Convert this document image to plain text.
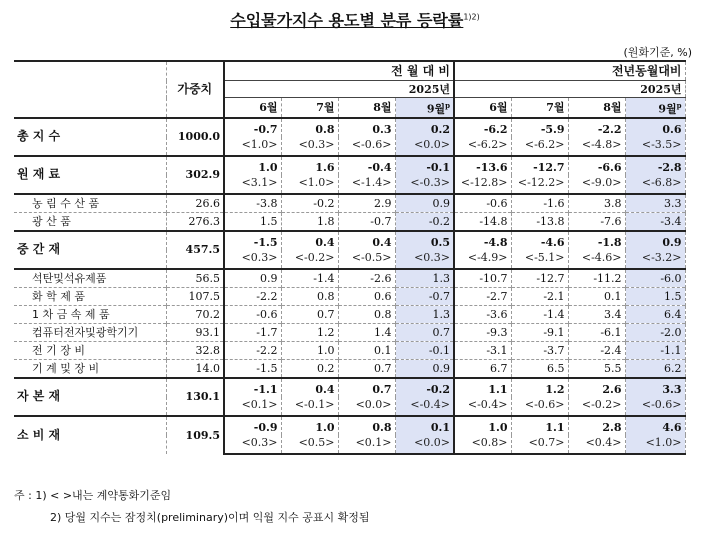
수입물가지수 용도별 분류 등락률$^{1)2)}$
(원화기준, %)
	가중치	전 월 대 비				전년동월대비			
		2025년				2025년			
		6월	7월	8월	9월$^p$	6월	7월	8월	9월$^p$
총 지 수	1000.0	-0.7	0.8	0.3	0.2	-6.2	-5.9	-2.2	0.6
		<1.0>	<0.3>	<-0.6>	<0.0>	<-6.2>	<-6.2>	<-4.8>	<-3.5>
원 재 료	302.9	1.0	1.6	-0.4	-0.1	-13.6	-12.7	-6.6	-2.8
		<3.1>	<1.0>	<-1.4>	<-0.3>	<-12.8>	<-12.2>	<-9.0>	<-6.8>
농 림 수 산 품	26.6	-3.8	-0.2	2.9	0.9	-0.6	-1.6	3.8	3.3
광 산 품	276.3	1.5	1.8	-0.7	-0.2	-14.8	-13.8	-7.6	-3.4
중 간 재	457.5	-1.5	0.4	0.4	0.5	-4.8	-4.6	-1.8	0.9
		<0.3>	<-0.2>	<-0.5>	<0.3>	<-4.9>	<-5.1>	<-4.6>	<-3.2>
석탄및석유제품	56.5	0.9	-1.4	-2.6	1.3	-10.7	-12.7	-11.2	-6.0
화 학 제 품	107.5	-2.2	0.8	0.6	-0.7	-2.7	-2.1	0.1	1.5
1 차 금 속 제 품	70.2	-0.6	0.7	0.8	1.3	-3.6	-1.4	3.4	6.4
컴퓨터전자및광학기기	93.1	-1.7	1.2	1.4	0.7	-9.3	-9.1	-6.1	-2.0
전 기 장 비	32.8	-2.2	1.0	0.1	-0.1	-3.1	-3.7	-2.4	-1.1
기 계 및 장 비	14.0	-1.5	0.2	0.7	0.9	6.7	6.5	5.5	6.2
자 본 재	130.1	-1.1	0.4	0.7	-0.2	1.1	1.2	2.6	3.3
		<0.1>	<-0.1>	<0.0>	<-0.4>	<-0.4>	<-0.6>	<-0.2>	<-0.6>
소 비 재	109.5	-0.9	1.0	0.8	0.1	1.0	1.1	2.8	4.6
		<0.3>	<0.5>	<0.1>	<0.0>	<0.8>	<0.7>	<0.4>	<1.0>
주 : 1) < >내는 계약통화기준임
2) 당월 지수는 잠정치(preliminary)이며 익월 지수 공표시 확정됨
